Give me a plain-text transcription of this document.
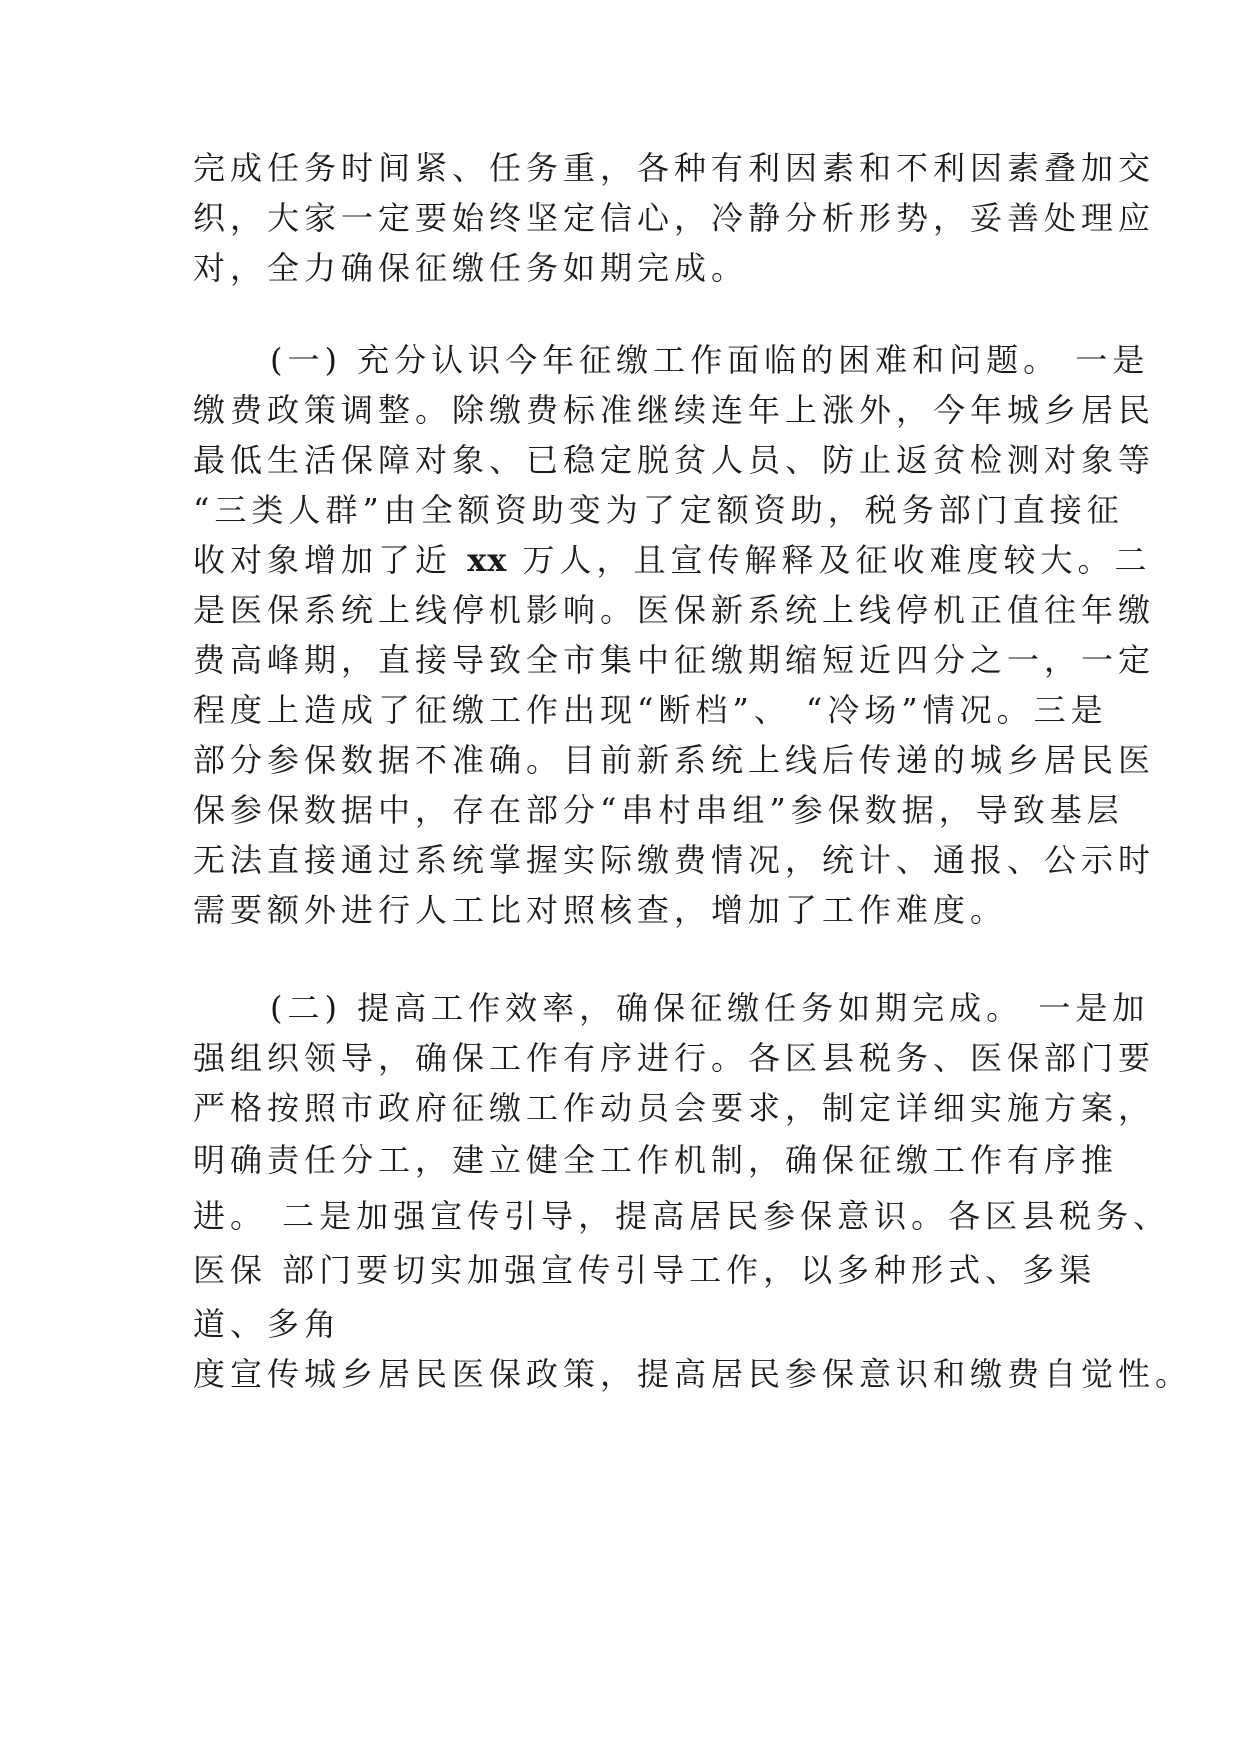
完成任务时间紧、任务重，各种有利因素和不利因素叠加交
织，大家一定要始终坚定信心，冷静分析形势，妥善处理应
对，全力确保征缴任务如期完成。
(一) 充分认识今年征缴工作面临的困难和问题。 一是
缴费政策调整。除缴费标准继续连年上涨外，今年城乡居民
最低生活保障对象、已稳定脱贫人员、防止返贫检测对象等
“三类人群”由全额资助变为了定额资助，税务部门直接征
收对象增加了近 xx 万人，且宣传解释及征收难度较大。二
是医保系统上线停机影响。医保新系统上线停机正值往年缴
费高峰期，直接导致全市集中征缴期缩短近四分之一，一定
程度上造成了征缴工作出现“断档”、 “冷场”情况。三是
部分参保数据不准确。目前新系统上线后传递的城乡居民医
保参保数据中，存在部分“串村串组”参保数据，导致基层
无法直接通过系统掌握实际缴费情况，统计、通报、公示时
需要额外进行人工比对照核查，增加了工作难度。
(二) 提高工作效率，确保征缴任务如期完成。 一是加
强组织领导，确保工作有序进行。各区县税务、医保部门要
严格按照市政府征缴工作动员会要求，制定详细实施方案，
明确责任分工，建立健全工作机制，确保征缴工作有序推
进。 二是加强宣传引导，提高居民参保意识。各区县税务、
医保 部门要切实加强宣传引导工作，以多种形式、多渠
道、多角
度宣传城乡居民医保政策，提高居民参保意识和缴费自觉性。
